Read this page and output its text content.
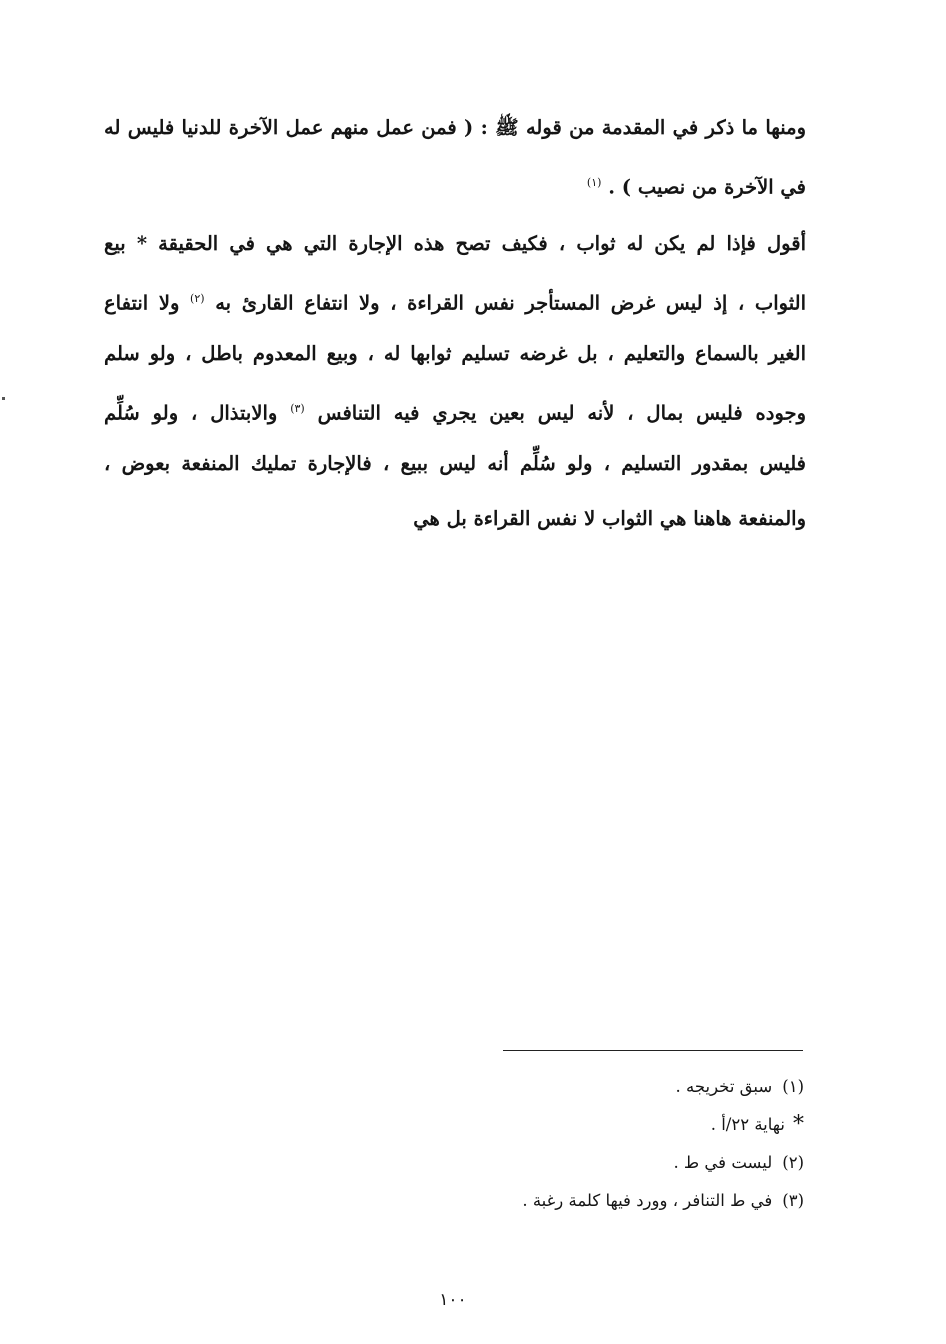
ومنها ما ذكر في المقدمة من قوله ﷺ : ( فمن عمل منهم عمل الآخرة للدنيا فليس له
في الآخرة من نصيب ) . $^{(١)}$
أقول فإذا لم يكن له ثواب ، فكيف تصح هذه الإجارة التي هي في الحقيقة * بيع
الثواب ، إذ ليس غرض المستأجر نفس القراءة ، ولا انتفاع القارئ به $^{(٢)}$ ولا انتفاع
الغير بالسماع والتعليم ، بل غرضه تسليم ثوابها له ، وبيع المعدوم باطل ، ولو سلم
وجوده فليس بمال ، لأنه ليس بعين يجري فيه التنافس $^{(٣)}$ والابتذال ، ولو سُلِّم
فليس بمقدور التسليم ، ولو سُلِّم أنه ليس ببيع ، فالإجارة تمليك المنفعة بعوض ،
والمنفعة هاهنا هي الثواب لا نفس القراءة بل هي
(١)سبق تخريجه .
*نهاية ٢٢/أ .
(٢)ليست في ط .
(٣)في ط التنافر ، وورد فيها كلمة رغبة .
١٠٠
